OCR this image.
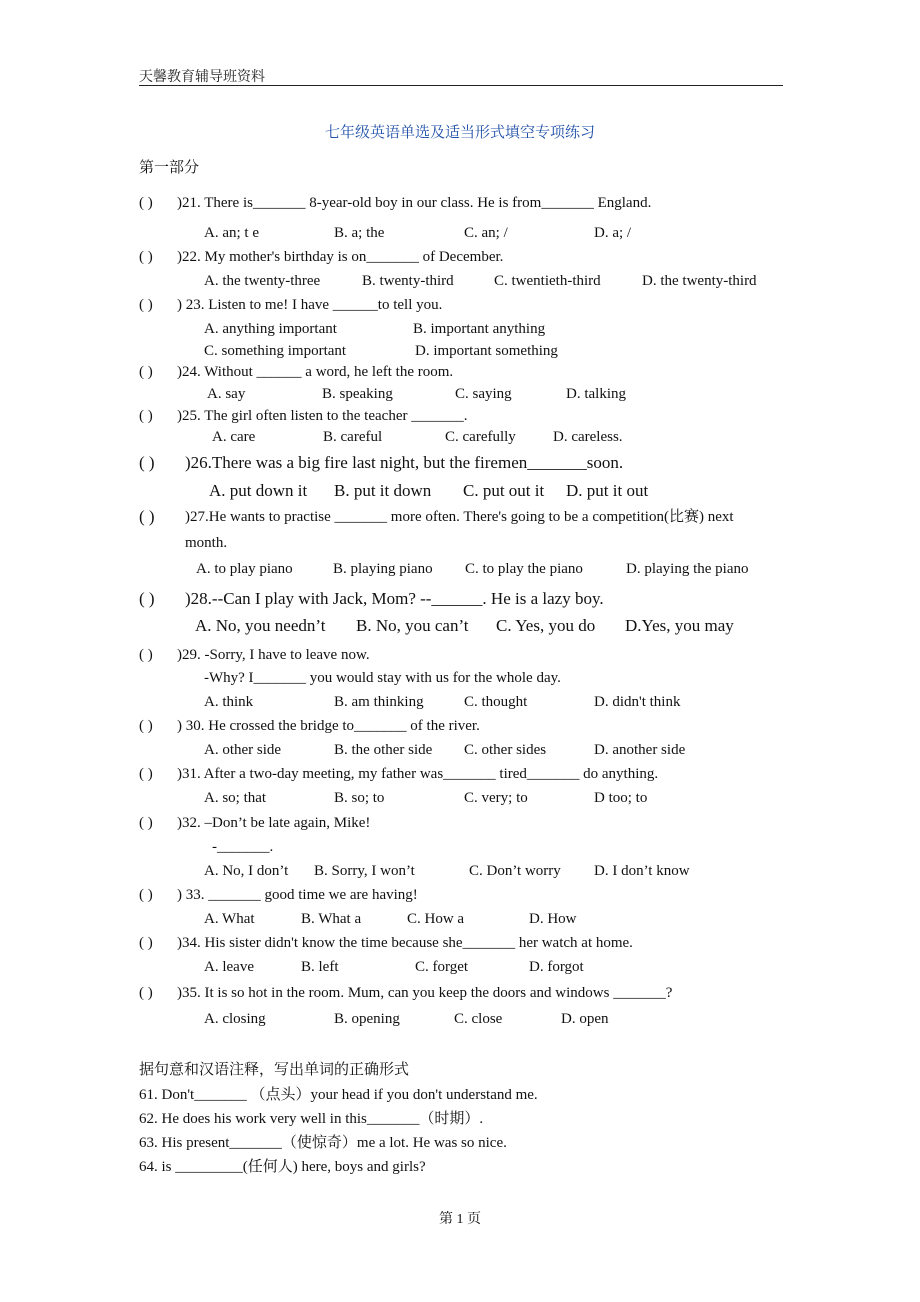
天馨教育辅导班资料
七年级英语单选及适当形式填空专项练习
第一部分
( ) )21. There is_______ 8-year-old boy in our class. He is from_______ England.
A. an; t e	B. a; the	C. an; /	D. a; /
( ) )22. My mother's birthday is on_______ of December.
A. the twenty-three	B. twenty-third	C. twentieth-third	D. the twenty-third
( ) ) 23. Listen to me! I have ______to tell you.
A. anything important	B. important anything
C. something important	D. important something
( ) )24. Without ______ a word, he left the room.
A. say	B. speaking	C. saying	D. talking
( ) )25. The girl often listen to the teacher _______.
A. care	B. careful	C. carefully D. careless.
( ) )26.There was a big fire last night, but the firemen_______soon.
A. put down it B. put it down C. put out it D. put it out
( ) )27.He wants to practise _______ more often. There's going to be a competition(比赛) next
month.
A. to play piano	B. playing piano C. to play the piano	D. playing the piano
( ) )28.--Can I play with Jack, Mom? --______. He is a lazy boy.
A. No, you needn’t B. No, you can’t C. Yes, you do D.Yes, you may
( ) )29. -Sorry, I have to leave now.
-Why? I_______ you would stay with us for the whole day.
A. think	B. am thinking	C. thought	D. didn't think
( ) ) 30. He crossed the bridge to_______ of the river.
A. other side	B. the other side C. other sides	D. another side
( ) )31. After a two-day meeting, my father was_______ tired_______ do anything.
A. so; that	B. so; to	C. very; to	D too; to
( ) )32. –Don’t be late again, Mike!
-_______.
A. No, I don’t B. Sorry, I won’t	C. Don’t worry D. I don’t know
( ) ) 33. _______ good time we are having!
A. What	B. What a	C. How a	D. How
( ) )34. His sister didn't know the time because she_______ her watch at home.
A. leave	B. left	C. forget	D. forgot
( ) )35. It is so hot in the room. Mum, can you keep the doors and windows _______?
A. closing	B. opening	C. close	D. open
据句意和汉语注释，写出单词的正确形式
61. Don't_______ （点头）your head if you don't understand me.
62. He does his work very well in this_______（时期）.
63. His present_______（使惊奇）me a lot. He was so nice.
64. is _________(任何人) here, boys and girls?
第 1 页
